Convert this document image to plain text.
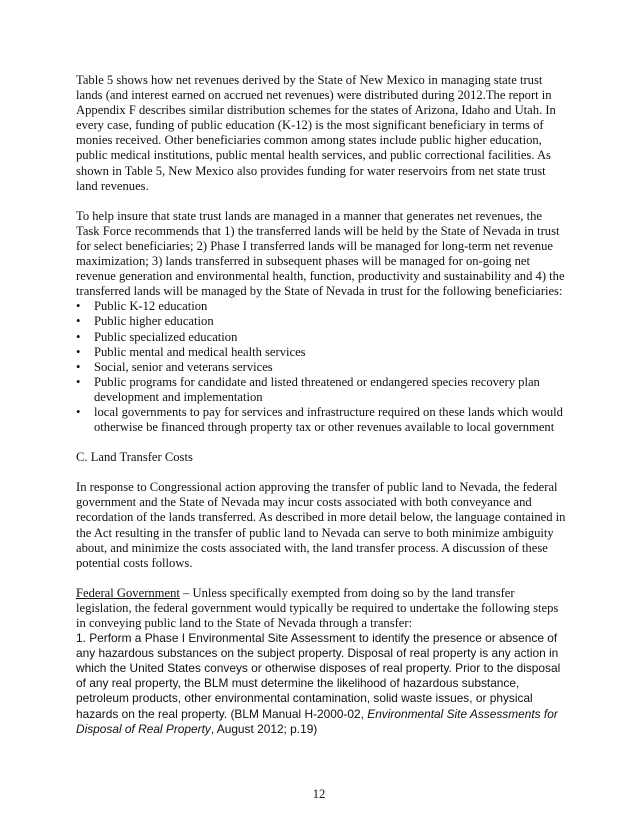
Table 5 shows how net revenues derived by the State of New Mexico in managing state trust lands (and interest earned on accrued net revenues) were distributed during 2012.The report in Appendix F describes similar distribution schemes for the states of Arizona, Idaho and Utah. In every case, funding of public education (K-12) is the most significant beneficiary in terms of monies received. Other beneficiaries common among states include public higher education, public medical institutions, public mental health services, and public correctional facilities. As shown in Table 5, New Mexico also provides funding for water reservoirs from net state trust land revenues.

To help insure that state trust lands are managed in a manner that generates net revenues, the Task Force recommends that 1) the transferred lands will be held by the State of Nevada in trust for select beneficiaries; 2) Phase I transferred lands will be managed for long-term net revenue maximization; 3) lands transferred in subsequent phases will be managed for on-going net revenue generation and environmental health, function, productivity and sustainability and 4) the transferred lands will be managed by the State of Nevada in trust for the following beneficiaries:

•	Public K-12 education
•	Public higher education
•	Public specialized education
•	Public mental and medical health services
•	Social, senior and veterans services
•	Public programs for candidate and listed threatened or endangered species recovery plan development and implementation
•	local governments to pay for services and infrastructure required on these lands which would otherwise be financed through property tax or other revenues available to local government

C. Land Transfer Costs

In response to Congressional action approving the transfer of public land to Nevada, the federal government and the State of Nevada may incur costs associated with both conveyance and recordation of the lands transferred. As described in more detail below, the language contained in the Act resulting in the transfer of public land to Nevada can serve to both minimize ambiguity about, and minimize the costs associated with, the land transfer process. A discussion of these potential costs follows.

Federal Government – Unless specifically exempted from doing so by the land transfer legislation, the federal government would typically be required to undertake the following steps in conveying public land to the State of Nevada through a transfer:

1. Perform a Phase I Environmental Site Assessment to identify the presence or absence of any hazardous substances on the subject property. Disposal of real property is any action in which the United States conveys or otherwise disposes of real property. Prior to the disposal of any real property, the BLM must determine the likelihood of hazardous substance, petroleum products, other environmental contamination, solid waste issues, or physical hazards on the real property. (BLM Manual H-2000-02, Environmental Site Assessments for Disposal of Real Property, August 2012; p.19)

12
